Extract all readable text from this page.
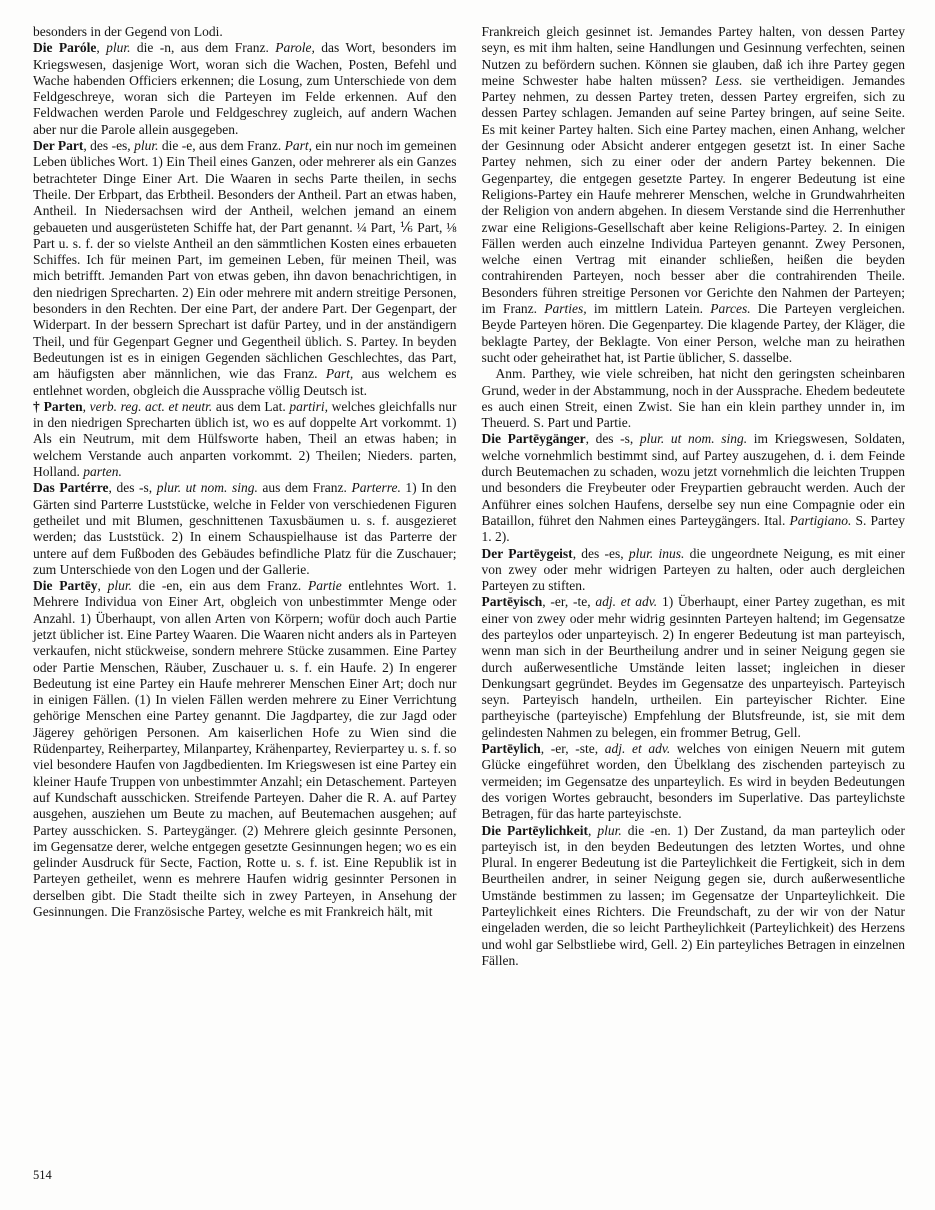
besonders in der Gegend von Lodi.

Die Paróle, plur. die -n, aus dem Franz. Parole, das Wort, besonders im Kriegswesen, dasjenige Wort, woran sich die Wachen, Posten, Befehl und Wache habenden Officiers erkennen; die Losung, zum Unterschiede von dem Feldgeschreye, woran sich die Parteyen im Felde erkennen. Auf den Feldwachen werden Parole und Feldgeschrey zugleich, auf andern Wachen aber nur die Parole allein ausgegeben.

Der Part, des -es, plur. die -e, aus dem Franz. Part, ein nur noch im gemeinen Leben übliches Wort. 1) Ein Theil eines Ganzen, oder mehrerer als ein Ganzes betrachteter Dinge Einer Art. Die Waaren in sechs Parte theilen, in sechs Theile. Der Erbpart, das Erbtheil. Besonders der Antheil. Part an etwas haben, Antheil. In Niedersachsen wird der Antheil, welchen jemand an einem gebaueten und ausgerüsteten Schiffe hat, der Part genannt. ¼ Part, ⅙ Part, ⅛ Part u. s. f. der so vielste Antheil an den sämmtlichen Kosten eines erbaueten Schiffes. Ich für meinen Part, im gemeinen Leben, für meinen Theil, was mich betrifft. Jemanden Part von etwas geben, ihn davon benachrichtigen, in den niedrigen Sprecharten. 2) Ein oder mehrere mit andern streitige Personen, besonders in den Rechten. Der eine Part, der andere Part. Der Gegenpart, der Widerpart. In der bessern Sprechart ist dafür Partey, und in der anständigern Theil, und für Gegenpart Gegner und Gegentheil üblich. S. Partey. In beyden Bedeutungen ist es in einigen Gegenden sächlichen Geschlechtes, das Part, am häufigsten aber männlichen, wie das Franz. Part, aus welchem es entlehnet worden, obgleich die Aussprache völlig Deutsch ist.

† Parten, verb. reg. act. et neutr. aus dem Lat. partiri, welches gleichfalls nur in den niedrigen Sprecharten üblich ist, wo es auf doppelte Art vorkommt. 1) Als ein Neutrum, mit dem Hülfsworte haben, Theil an etwas haben; in welchem Verstande auch anparten vorkommt. 2) Theilen; Nieders. parten, Holland. parten.

Das Partérre, des -s, plur. ut nom. sing. aus dem Franz. Parterre. 1) In den Gärten sind Parterre Luststücke, welche in Felder von verschiedenen Figuren getheilet und mit Blumen, geschnittenen Taxusbäumen u. s. f. ausgezieret werden; das Luststück. 2) In einem Schauspielhause ist das Parterre der untere auf dem Fußboden des Gebäudes befindliche Platz für die Zuschauer; zum Unterschiede von den Logen und der Gallerie.

Die Partēy, plur. die -en, ein aus dem Franz. Partie entlehntes Wort. 1. Mehrere Individua von Einer Art, obgleich von unbestimmter Menge oder Anzahl. 1) Überhaupt, von allen Arten von Körpern; wofür doch auch Partie jetzt üblicher ist. Eine Partey Waaren. Die Waaren nicht anders als in Parteyen verkaufen, nicht stückweise, sondern mehrere Stücke zusammen. Eine Partey oder Partie Menschen, Räuber, Zuschauer u. s. f. ein Haufe. 2) In engerer Bedeutung ist eine Partey ein Haufe mehrerer Menschen Einer Art; doch nur in einigen Fällen. (1) In vielen Fällen werden mehrere zu Einer Verrichtung gehörige Menschen eine Partey genannt. Die Jagdpartey, die zur Jagd oder Jägerey gehörigen Personen. Am kaiserlichen Hofe zu Wien sind die Rüdenpartey, Reiherpartey, Milanpartey, Krähenpartey, Revierpartey u. s. f. so viel besondere Haufen von Jagdbedienten. Im Kriegswesen ist eine Partey ein kleiner Haufe Truppen von unbestimmter Anzahl; ein Detaschement. Parteyen auf Kundschaft ausschicken. Streifende Parteyen. Daher die R. A. auf Partey ausgehen, ausziehen um Beute zu machen, auf Beutemachen ausgehen; auf Partey ausschicken. S. Parteygänger. (2) Mehrere gleich gesinnte Personen, im Gegensatze derer, welche entgegen gesetzte Gesinnungen hegen; wo es ein gelinder Ausdruck für Secte, Faction, Rotte u. s. f. ist. Eine Republik ist in Parteyen getheilet, wenn es mehrere Haufen widrig gesinnter Personen in derselben gibt. Die Stadt theilte sich in zwey Parteyen, in Ansehung der Gesinnungen. Die Französische Partey, welche es mit Frankreich hält, mit

Frankreich gleich gesinnet ist. Jemandes Partey halten, von dessen Partey seyn, es mit ihm halten, seine Handlungen und Gesinnung verfechten, seinen Nutzen zu befördern suchen. Können sie glauben, daß ich ihre Partey gegen meine Schwester habe halten müssen? Less. sie vertheidigen. Jemandes Partey nehmen, zu dessen Partey treten, dessen Partey ergreifen, sich zu dessen Partey schlagen. Jemanden auf seine Partey bringen, auf seine Seite. Es mit keiner Partey halten. Sich eine Partey machen, einen Anhang, welcher der Gesinnung oder Absicht anderer entgegen gesetzt ist. In einer Sache Partey nehmen, sich zu einer oder der andern Partey bekennen. Die Gegenpartey, die entgegen gesetzte Partey. In engerer Bedeutung ist eine Religions-Partey ein Haufe mehrerer Menschen, welche in Grundwahrheiten der Religion von andern abgehen. In diesem Verstande sind die Herrenhuther zwar eine Religions-Gesellschaft aber keine Religions-Partey. 2. In einigen Fällen werden auch einzelne Individua Parteyen genannt. Zwey Personen, welche einen Vertrag mit einander schließen, heißen die beyden contrahirenden Parteyen, noch besser aber die contrahirenden Theile. Besonders führen streitige Personen vor Gerichte den Nahmen der Parteyen; im Franz. Parties, im mittlern Latein. Parces. Die Parteyen vergleichen. Beyde Parteyen hören. Die Gegenpartey. Die klagende Partey, der Kläger, die beklagte Partey, der Beklagte. Von einer Person, welche man zu heirathen sucht oder geheirathet hat, ist Partie üblicher, S. dasselbe.

Anm. Parthey, wie viele schreiben, hat nicht den geringsten scheinbaren Grund, weder in der Abstammung, noch in der Aussprache. Ehedem bedeutete es auch einen Streit, einen Zwist. Sie han ein klein parthey unnder in, im Theuerd. S. Part und Partie.

Die Partēygänger, des -s, plur. ut nom. sing. im Kriegswesen, Soldaten, welche vornehmlich bestimmt sind, auf Partey auszugehen, d. i. dem Feinde durch Beutemachen zu schaden, wozu jetzt vornehmlich die leichten Truppen und besonders die Freybeuter oder Freypartien gebraucht werden. Auch der Anführer eines solchen Haufens, derselbe sey nun eine Compagnie oder ein Bataillon, führet den Nahmen eines Parteygängers. Ital. Partigiano. S. Partey 1. 2).

Der Partēygeist, des -es, plur. inus. die ungeordnete Neigung, es mit einer von zwey oder mehr widrigen Parteyen zu halten, oder auch dergleichen Parteyen zu stiften.

Partēyisch, -er, -te, adj. et adv. 1) Überhaupt, einer Partey zugethan, es mit einer von zwey oder mehr widrig gesinnten Parteyen haltend; im Gegensatze des parteylos oder unparteyisch. 2) In engerer Bedeutung ist man parteyisch, wenn man sich in der Beurtheilung andrer und in seiner Neigung gegen sie durch außerwesentliche Umstände leiten lasset; ingleichen in dieser Denkungsart gegründet. Beydes im Gegensatze des unparteyisch. Parteyisch seyn. Parteyisch handeln, urtheilen. Ein parteyischer Richter. Eine partheyische (parteyische) Empfehlung der Blutsfreunde, ist, sie mit dem gelindesten Nahmen zu belegen, ein frommer Betrug, Gell.

Partēylich, -er, -ste, adj. et adv. welches von einigen Neuern mit gutem Glücke eingeführet worden, den Übelklang des zischenden parteyisch zu vermeiden; im Gegensatze des unparteylich. Es wird in beyden Bedeutungen des vorigen Wortes gebraucht, besonders im Superlative. Das parteylichste Betragen, für das harte parteyischste.

Die Partēylichkeit, plur. die -en. 1) Der Zustand, da man parteylich oder parteyisch ist, in den beyden Bedeutungen des letzten Wortes, und ohne Plural. In engerer Bedeutung ist die Parteylichkeit die Fertigkeit, sich in dem Beurtheilen andrer, in seiner Neigung gegen sie, durch außerwesentliche Umstände bestimmen zu lassen; im Gegensatze der Unparteylichkeit. Die Parteylichkeit eines Richters. Die Freundschaft, zu der wir von der Natur eingeladen werden, die so leicht Partheylichkeit (Parteylichkeit) des Herzens und wohl gar Selbstliebe wird, Gell. 2) Ein parteyliches Betragen in einzelnen Fällen.

514
